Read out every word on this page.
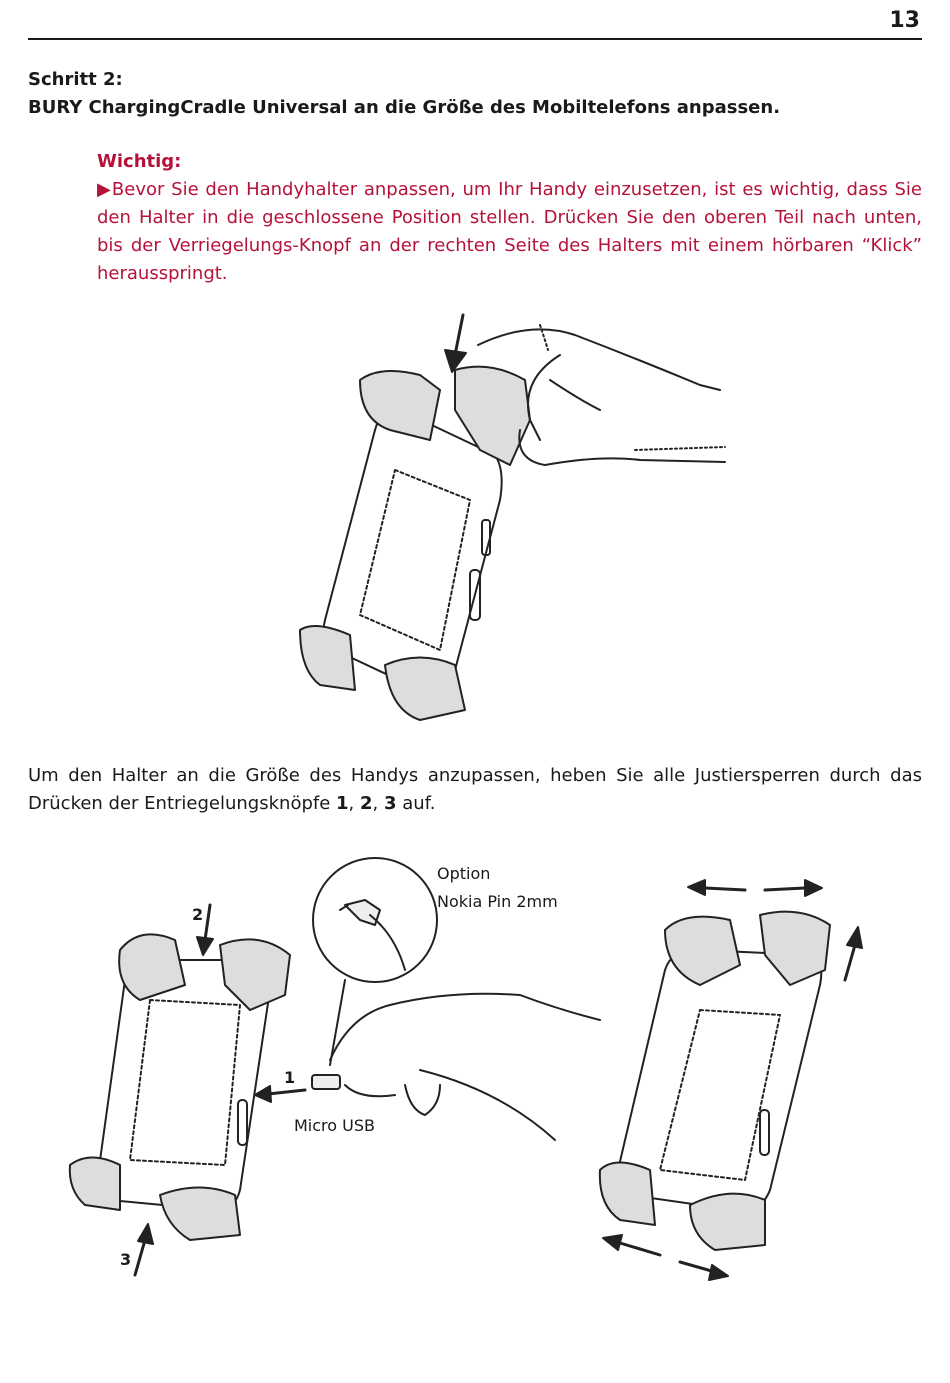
13
Schritt 2:
BURY ChargingCradle Universal an die Größe des Mobiltelefons anpassen.
Wichtig:
▶Bevor Sie den Handyhalter anpassen, um Ihr Handy einzusetzen, ist es wichtig, dass Sie den Halter in die geschlossene Position stellen. Drücken Sie den oberen Teil nach unten, bis der Verriegelungs-Knopf an der rechten Seite des Halters mit einem hörbaren “Klick” herausspringt.
Um den Halter an die Größe des Handys anzupassen, heben Sie alle Justiersperren durch das Drücken der Entriegelungsknöpfe 1, 2, 3 auf.
Option
Nokia Pin 2mm
Micro USB
1
2
3
